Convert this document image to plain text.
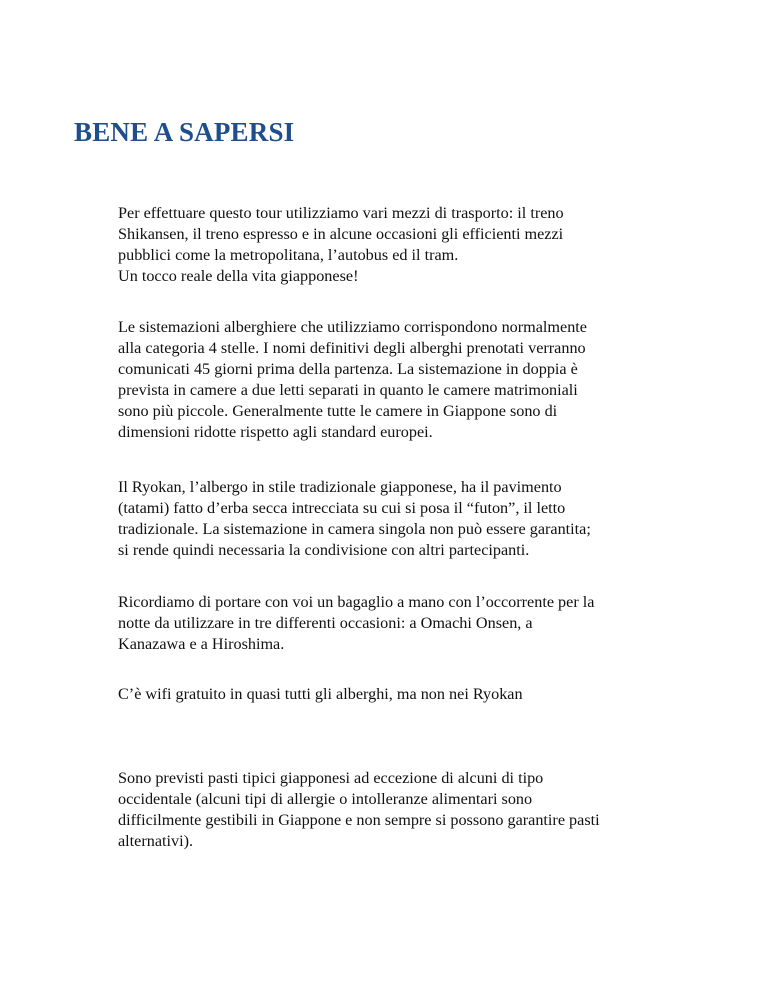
BENE A SAPERSI

Per effettuare questo tour utilizziamo vari mezzi di trasporto: il treno
Shikansen, il treno espresso e in alcune occasioni gli efficienti mezzi
pubblici come la metropolitana, l’autobus ed il tram.
Un tocco reale della vita giapponese!

Le sistemazioni alberghiere che utilizziamo corrispondono normalmente
alla categoria 4 stelle. I nomi definitivi degli alberghi prenotati verranno
comunicati 45 giorni prima della partenza. La sistemazione in doppia è
prevista in camere a due letti separati in quanto le camere matrimoniali
sono più piccole. Generalmente tutte le camere in Giappone sono di
dimensioni ridotte rispetto agli standard europei.

Il Ryokan, l’albergo in stile tradizionale giapponese, ha il pavimento
(tatami) fatto d’erba secca intrecciata su cui si posa il “futon”, il letto
tradizionale. La sistemazione in camera singola non può essere garantita;
si rende quindi necessaria la condivisione con altri partecipanti.

Ricordiamo di portare con voi un bagaglio a mano con l’occorrente per la
notte da utilizzare in tre differenti occasioni: a Omachi Onsen, a
Kanazawa e a Hiroshima.

C’è wifi gratuito in quasi tutti gli alberghi, ma non nei Ryokan

Sono previsti pasti tipici giapponesi ad eccezione di alcuni di tipo
occidentale (alcuni tipi di allergie o intolleranze alimentari sono
difficilmente gestibili in Giappone e non sempre si possono garantire pasti
alternativi).
